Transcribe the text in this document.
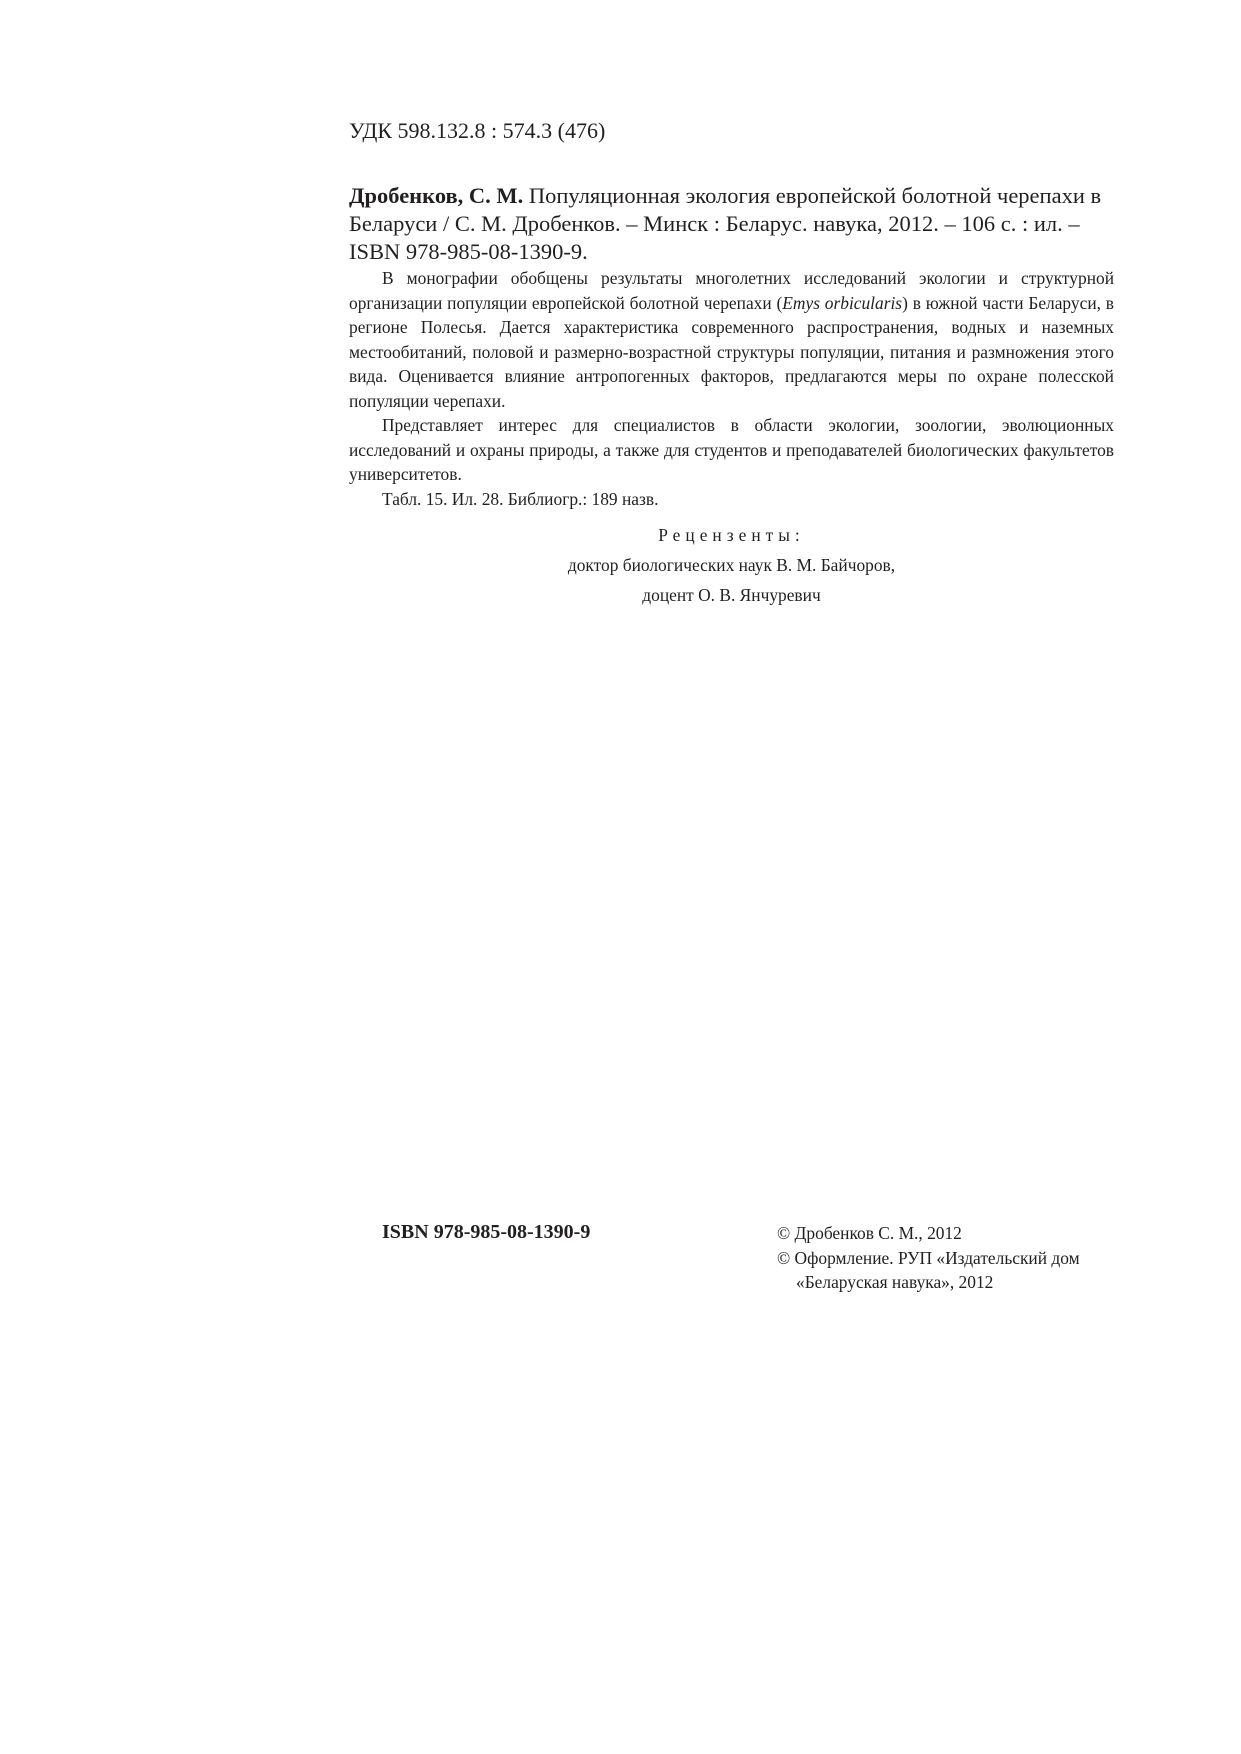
УДК 598.132.8 : 574.3 (476)
Дробенков, С. М. Популяционная экология европейской болотной черепахи в Беларуси / С. М. Дробенков. – Минск : Беларус. навука, 2012. – 106 с. : ил. – ISBN 978-985-08-1390-9.

В монографии обобщены результаты многолетних исследований экологии и структурной организации популяции европейской болотной черепахи (Emys orbicularis) в южной части Беларуси, в регионе Полесья. Дается характеристика современного распространения, водных и наземных местообитаний, половой и размерно-возрастной структуры популяции, питания и размножения этого вида. Оценивается влияние антропогенных факторов, предлагаются меры по охране полесской популяции черепахи.

Представляет интерес для специалистов в области экологии, зоологии, эволюционных исследований и охраны природы, а также для студентов и преподавателей биологических факультетов университетов.

Табл. 15. Ил. 28. Библиогр.: 189 назв.

Рецензенты:
доктор биологических наук В. М. Байчоров,
доцент О. В. Янчуревич
ISBN 978-985-08-1390-9	© Дробенков С. М., 2012
© Оформление. РУП «Издательский дом
«Беларуская навука», 2012
